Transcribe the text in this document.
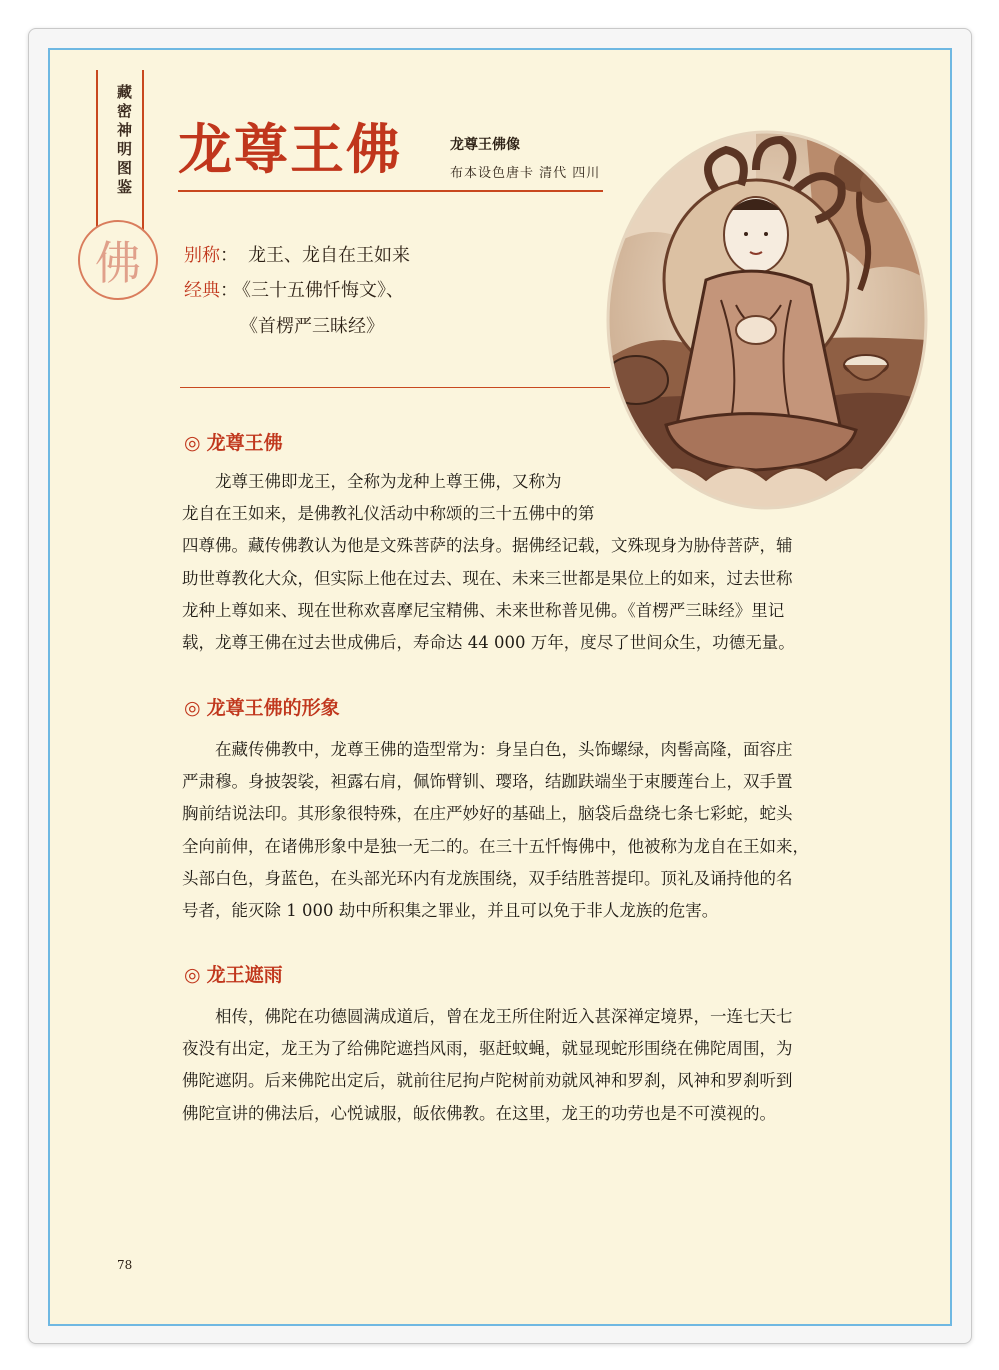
藏密神明图鉴
佛
龙尊王佛	龙尊王佛像
布本设色唐卡 清代 四川
别称： 龙王、龙自在王如来
经典： 《三十五佛忏悔文》、
《首楞严三昧经》
◎ 龙尊王佛
龙尊王佛即龙王，全称为龙种上尊王佛，又称为
龙自在王如来，是佛教礼仪活动中称颂的三十五佛中的第
四尊佛。藏传佛教认为他是文殊菩萨的法身。据佛经记载，文殊现身为胁侍菩萨，辅
助世尊教化大众，但实际上他在过去、现在、未来三世都是果位上的如来，过去世称
龙种上尊如来、现在世称欢喜摩尼宝精佛、未来世称普见佛。《首楞严三昧经》里记
载，龙尊王佛在过去世成佛后，寿命达 44 000 万年，度尽了世间众生，功德无量。
◎ 龙尊王佛的形象
在藏传佛教中，龙尊王佛的造型常为：身呈白色，头饰螺绿，肉髻高隆，面容庄
严肃穆。身披袈裟，袒露右肩，佩饰臂钏、璎珞，结跏趺端坐于束腰莲台上，双手置
胸前结说法印。其形象很特殊，在庄严妙好的基础上，脑袋后盘绕七条七彩蛇，蛇头
全向前伸，在诸佛形象中是独一无二的。在三十五忏悔佛中，他被称为龙自在王如来，
头部白色，身蓝色，在头部光环内有龙族围绕，双手结胜菩提印。顶礼及诵持他的名
号者，能灭除 1 000 劫中所积集之罪业，并且可以免于非人龙族的危害。
◎ 龙王遮雨
相传，佛陀在功德圆满成道后，曾在龙王所住附近入甚深禅定境界，一连七天七
夜没有出定，龙王为了给佛陀遮挡风雨，驱赶蚊蝇，就显现蛇形围绕在佛陀周围，为
佛陀遮阴。后来佛陀出定后，就前往尼拘卢陀树前劝就风神和罗刹，风神和罗刹听到
佛陀宣讲的佛法后，心悦诚服，皈依佛教。在这里，龙王的功劳也是不可漠视的。
78
